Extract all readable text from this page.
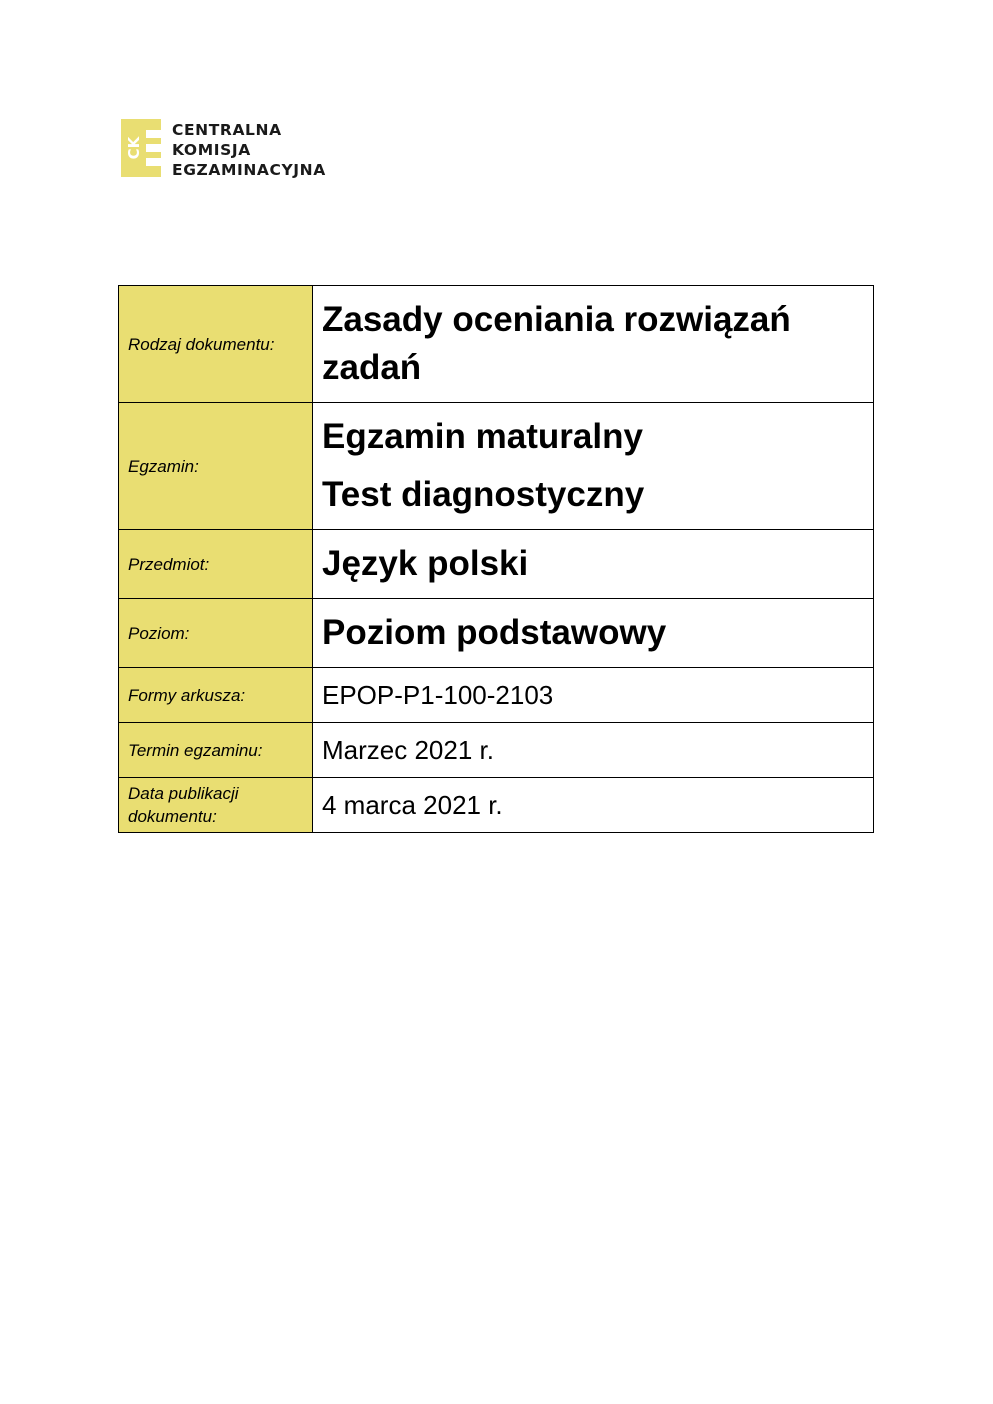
CK
CENTRALNA
KOMISJA
EGZAMINACYJNA
Rodzaj dokumentu:	Zasady oceniania rozwiązań
zadań

Egzamin:	Egzamin maturalny
Test diagnostyczny

Przedmiot:	Język polski

Poziom:	Poziom podstawowy

Formy arkusza:	EPOP-P1-100-2103

Termin egzaminu:	Marzec 2021 r.

Data publikacji dokumentu:	4 marca 2021 r.
